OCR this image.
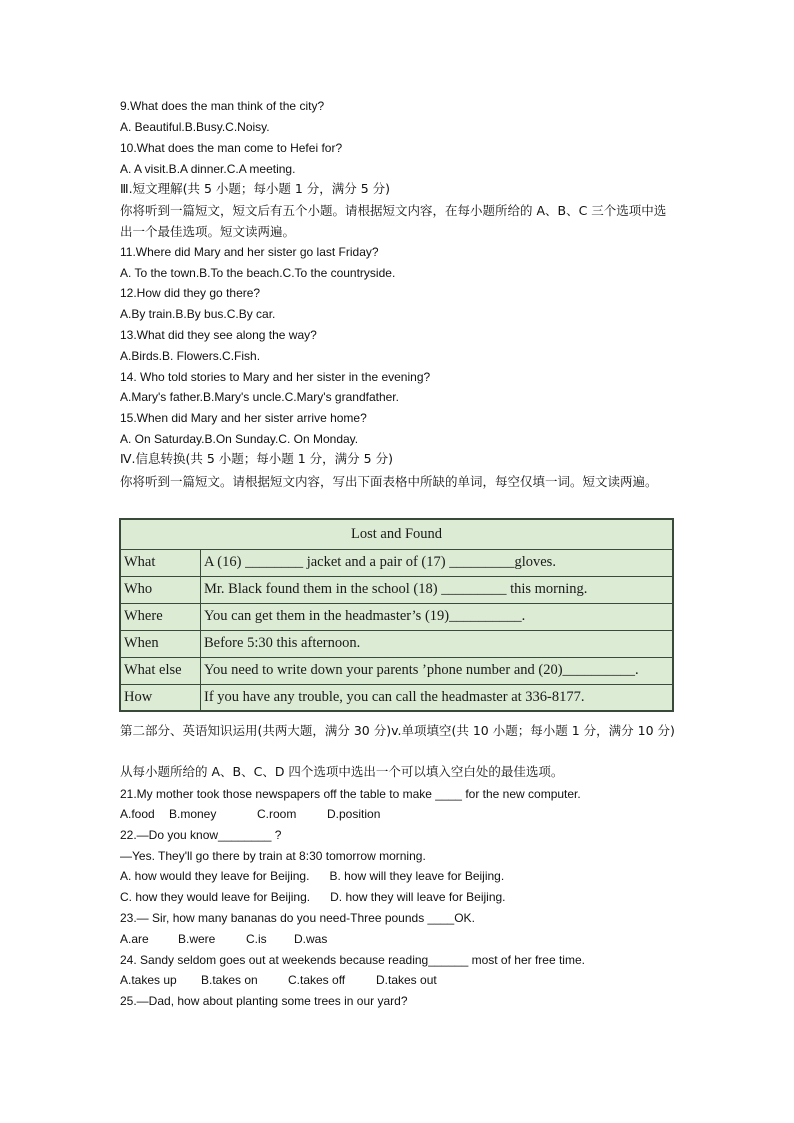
9.What does the man think of the city?
A. Beautiful.B.Busy.C.Noisy.
10.What does the man come to Hefei for?
A. A visit.B.A dinner.C.A meeting.
Ⅲ.短文理解(共 5 小题；每小题 1 分，满分 5 分)
你将听到一篇短文，短文后有五个小题。请根据短文内容，在每小题所给的 A、B、C 三个选项中选出一个最佳选项。短文读两遍。
11.Where did Mary and her sister go last Friday?
A. To the town.B.To the beach.C.To the countryside.
12.How did they go there?
A.By train.B.By bus.C.By car.
13.What did they see along the way?
A.Birds.B. Flowers.C.Fish.
14. Who told stories to Mary and her sister in the evening?
A.Mary's father.B.Mary's uncle.C.Mary's grandfather.
15.When did Mary and her sister arrive home?
A. On Saturday.B.On Sunday.C. On Monday.
Ⅳ.信息转换(共 5 小题；每小题 1 分，满分 5 分)
你将听到一篇短文。请根据短文内容，写出下面表格中所缺的单词，每空仅填一词。短文读两遍。
Lost and Found
What	A (16) ________ jacket and a pair of (17) _________gloves.
Who	Mr. Black found them in the school (18) _________ this morning.
Where	You can get them in the headmaster’s (19)__________.
When	Before 5:30 this afternoon.
What else	You need to write down your parents ’phone number and (20)__________.
How	If you have any trouble, you can call the headmaster at 336-8177.
第二部分、英语知识运用(共两大题，满分 30 分)v.单项填空(共 10 小题；每小题 1 分，满分 10 分)
从每小题所给的 A、B、C、D 四个选项中选出一个可以填入空白处的最佳选项。
21.My mother took those newspapers off the table to make ____ for the new computer.
A.food B.money	C.room	D.position
22.—Do you know________ ?
—Yes. They'll go there by train at 8:30 tomorrow morning.
A. how would they leave for Beijing.      B. how will they leave for Beijing.
C. how they would leave for Beijing.      D. how they will leave for Beijing.
23.— Sir, how many bananas do you need-Three pounds ____OK.
A.are B.were	C.is D.was
24. Sandy seldom goes out at weekends because reading______ most of her free time.
A.takes up B.takes on	C.takes off	D.takes out
25.—Dad, how about planting some trees in our yard?
